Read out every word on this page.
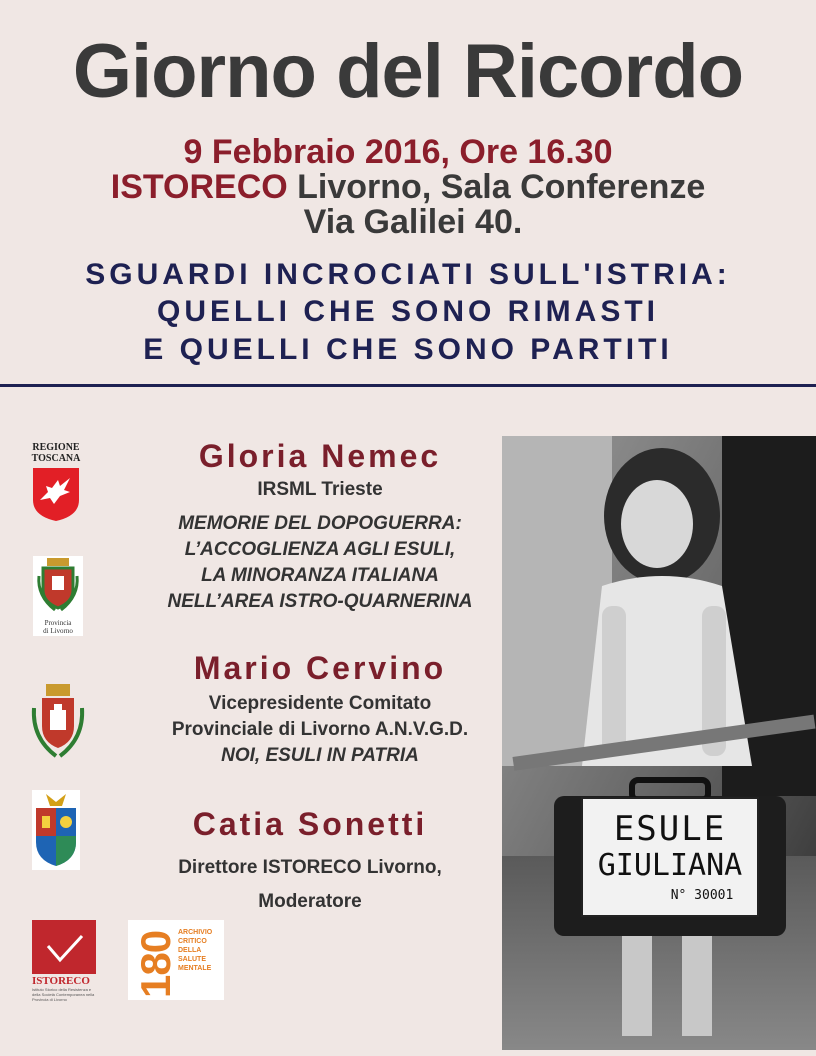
Giorno del Ricordo
9 Febbraio 2016, Ore 16.30
ISTORECO Livorno, Sala Conferenze
Via Galilei 40.
SGUARDI INCROCIATI SULL'ISTRIA:
QUELLI CHE SONO RIMASTI
E QUELLI CHE SONO PARTITI
Gloria Nemec
IRSML Trieste
MEMORIE DEL DOPOGUERRA:
L’ACCOGLIENZA AGLI ESULI,
LA MINORANZA ITALIANA
NELL’AREA ISTRO-QUARNERINA
Mario Cervino
Vicepresidente Comitato
Provinciale di Livorno A.N.V.G.D.
NOI, ESULI IN PATRIA
Catia Sonetti
Direttore ISTORECO Livorno,
Moderatore
REGIONE
TOSCANA
Provincia
di Livorno
ISTORECO
Istituto Storico della Resistenza e della Società Contemporanea nella Provincia di Livorno
180 ARCHIVIO
CRITICO
DELLA
SALUTE
MENTALE
ESULE
GIULIANA
N° 30001
